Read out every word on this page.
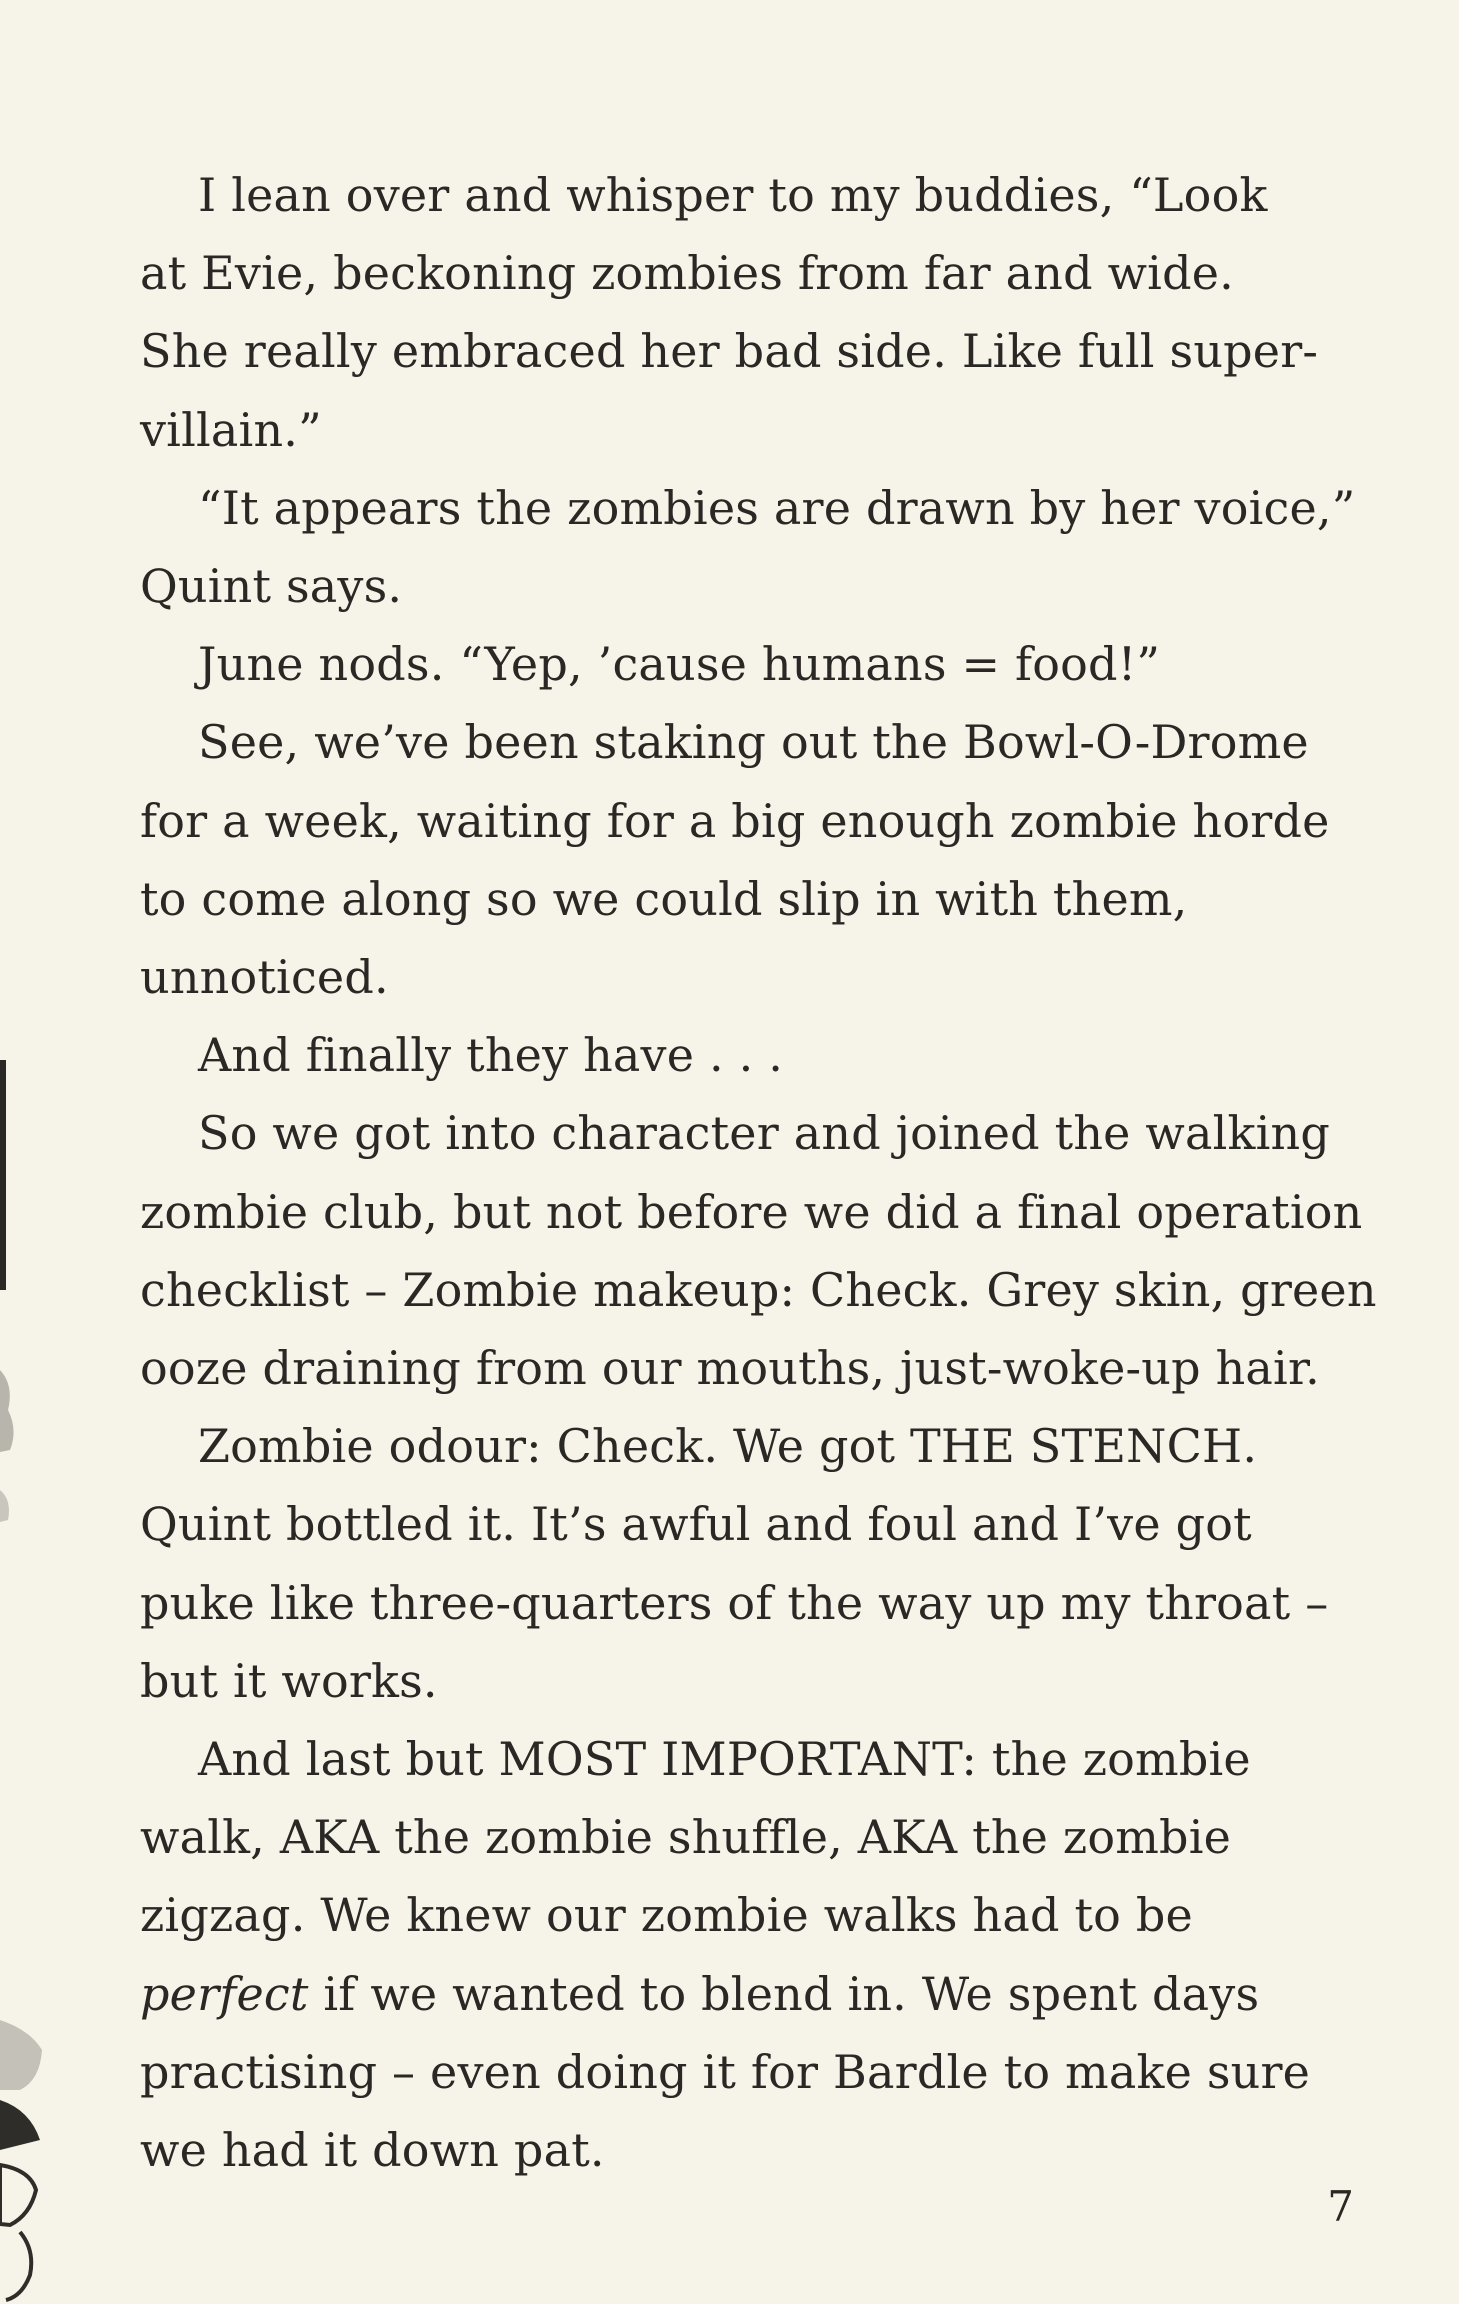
I lean over and whisper to my buddies, “Look
at Evie, beckoning zombies from far and wide.
She really embraced her bad side. Like full super-
villain.”
“It appears the zombies are drawn by her voice,”
Quint says.
June nods. “Yep, ’cause humans = food!”
See, we’ve been staking out the Bowl-O-Drome
for a week, waiting for a big enough zombie horde
to come along so we could slip in with them,
unnoticed.
And finally they have . . .
So we got into character and joined the walking
zombie club, but not before we did a final operation
checklist – Zombie makeup: Check. Grey skin, green
ooze draining from our mouths, just-woke-up hair.
Zombie odour: Check. We got THE STENCH.
Quint bottled it. It’s awful and foul and I’ve got
puke like three-quarters of the way up my throat –
but it works.
And last but MOST IMPORTANT: the zombie
walk, AKA the zombie shuffle, AKA the zombie
zigzag. We knew our zombie walks had to be
perfect if we wanted to blend in. We spent days
practising – even doing it for Bardle to make sure
we had it down pat.
7
